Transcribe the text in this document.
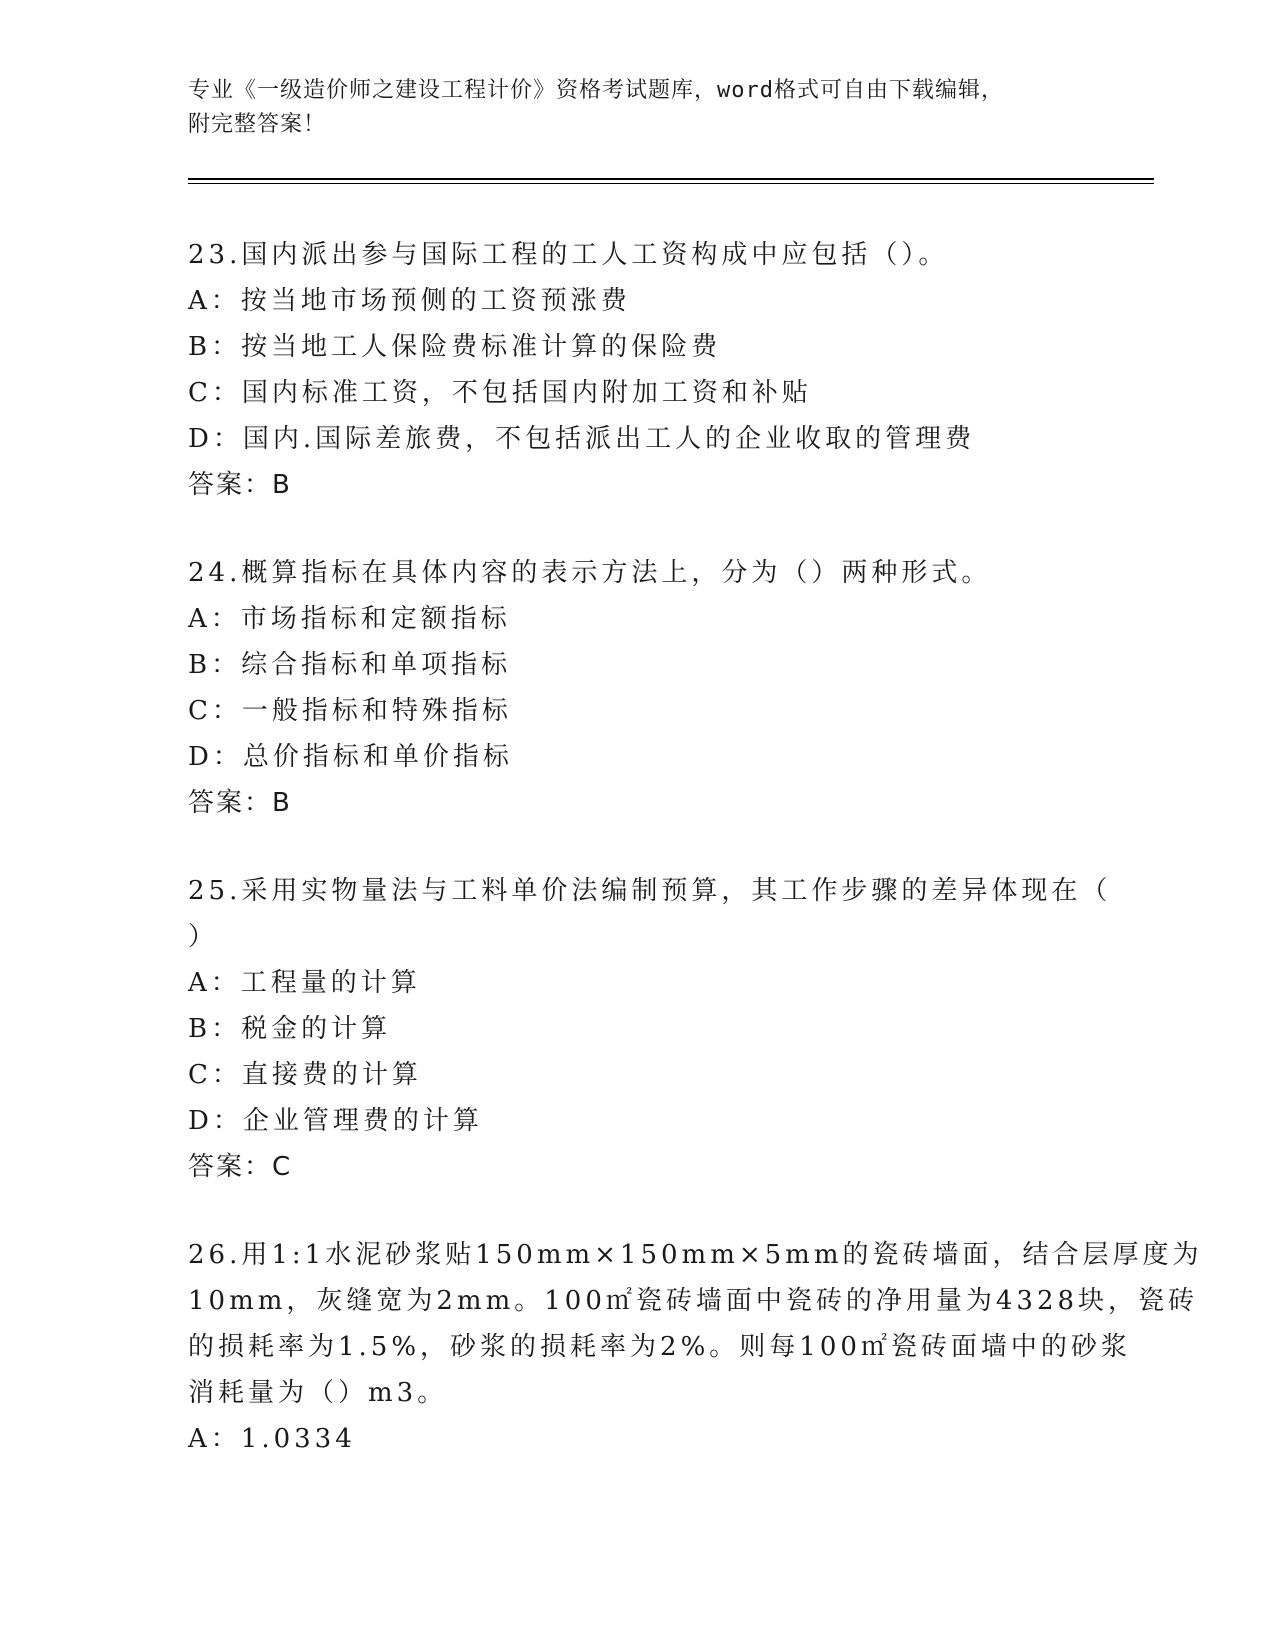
专业《一级造价师之建设工程计价》资格考试题库，word格式可自由下载编辑，
附完整答案！
23.国内派出参与国际工程的工人工资构成中应包括（）。
A：按当地市场预侧的工资预涨费
B：按当地工人保险费标准计算的保险费
C：国内标准工资，不包括国内附加工资和补贴
D：国内.国际差旅费，不包括派出工人的企业收取的管理费
答案：B
24.概算指标在具体内容的表示方法上，分为（）两种形式。
A：市场指标和定额指标
B：综合指标和单项指标
C：一般指标和特殊指标
D：总价指标和单价指标
答案：B
25.采用实物量法与工料单价法编制预算，其工作步骤的差异体现在（
）
A：工程量的计算
B：税金的计算
C：直接费的计算
D：企业管理费的计算
答案：C
26.用1:1水泥砂浆贴150mm×150mm×5mm的瓷砖墙面，结合层厚度为
10mm，灰缝宽为2mm。100㎡瓷砖墙面中瓷砖的净用量为4328块，瓷砖
的损耗率为1.5%，砂浆的损耗率为2%。则每100㎡瓷砖面墙中的砂浆
消耗量为（）m3。
A：1.0334
